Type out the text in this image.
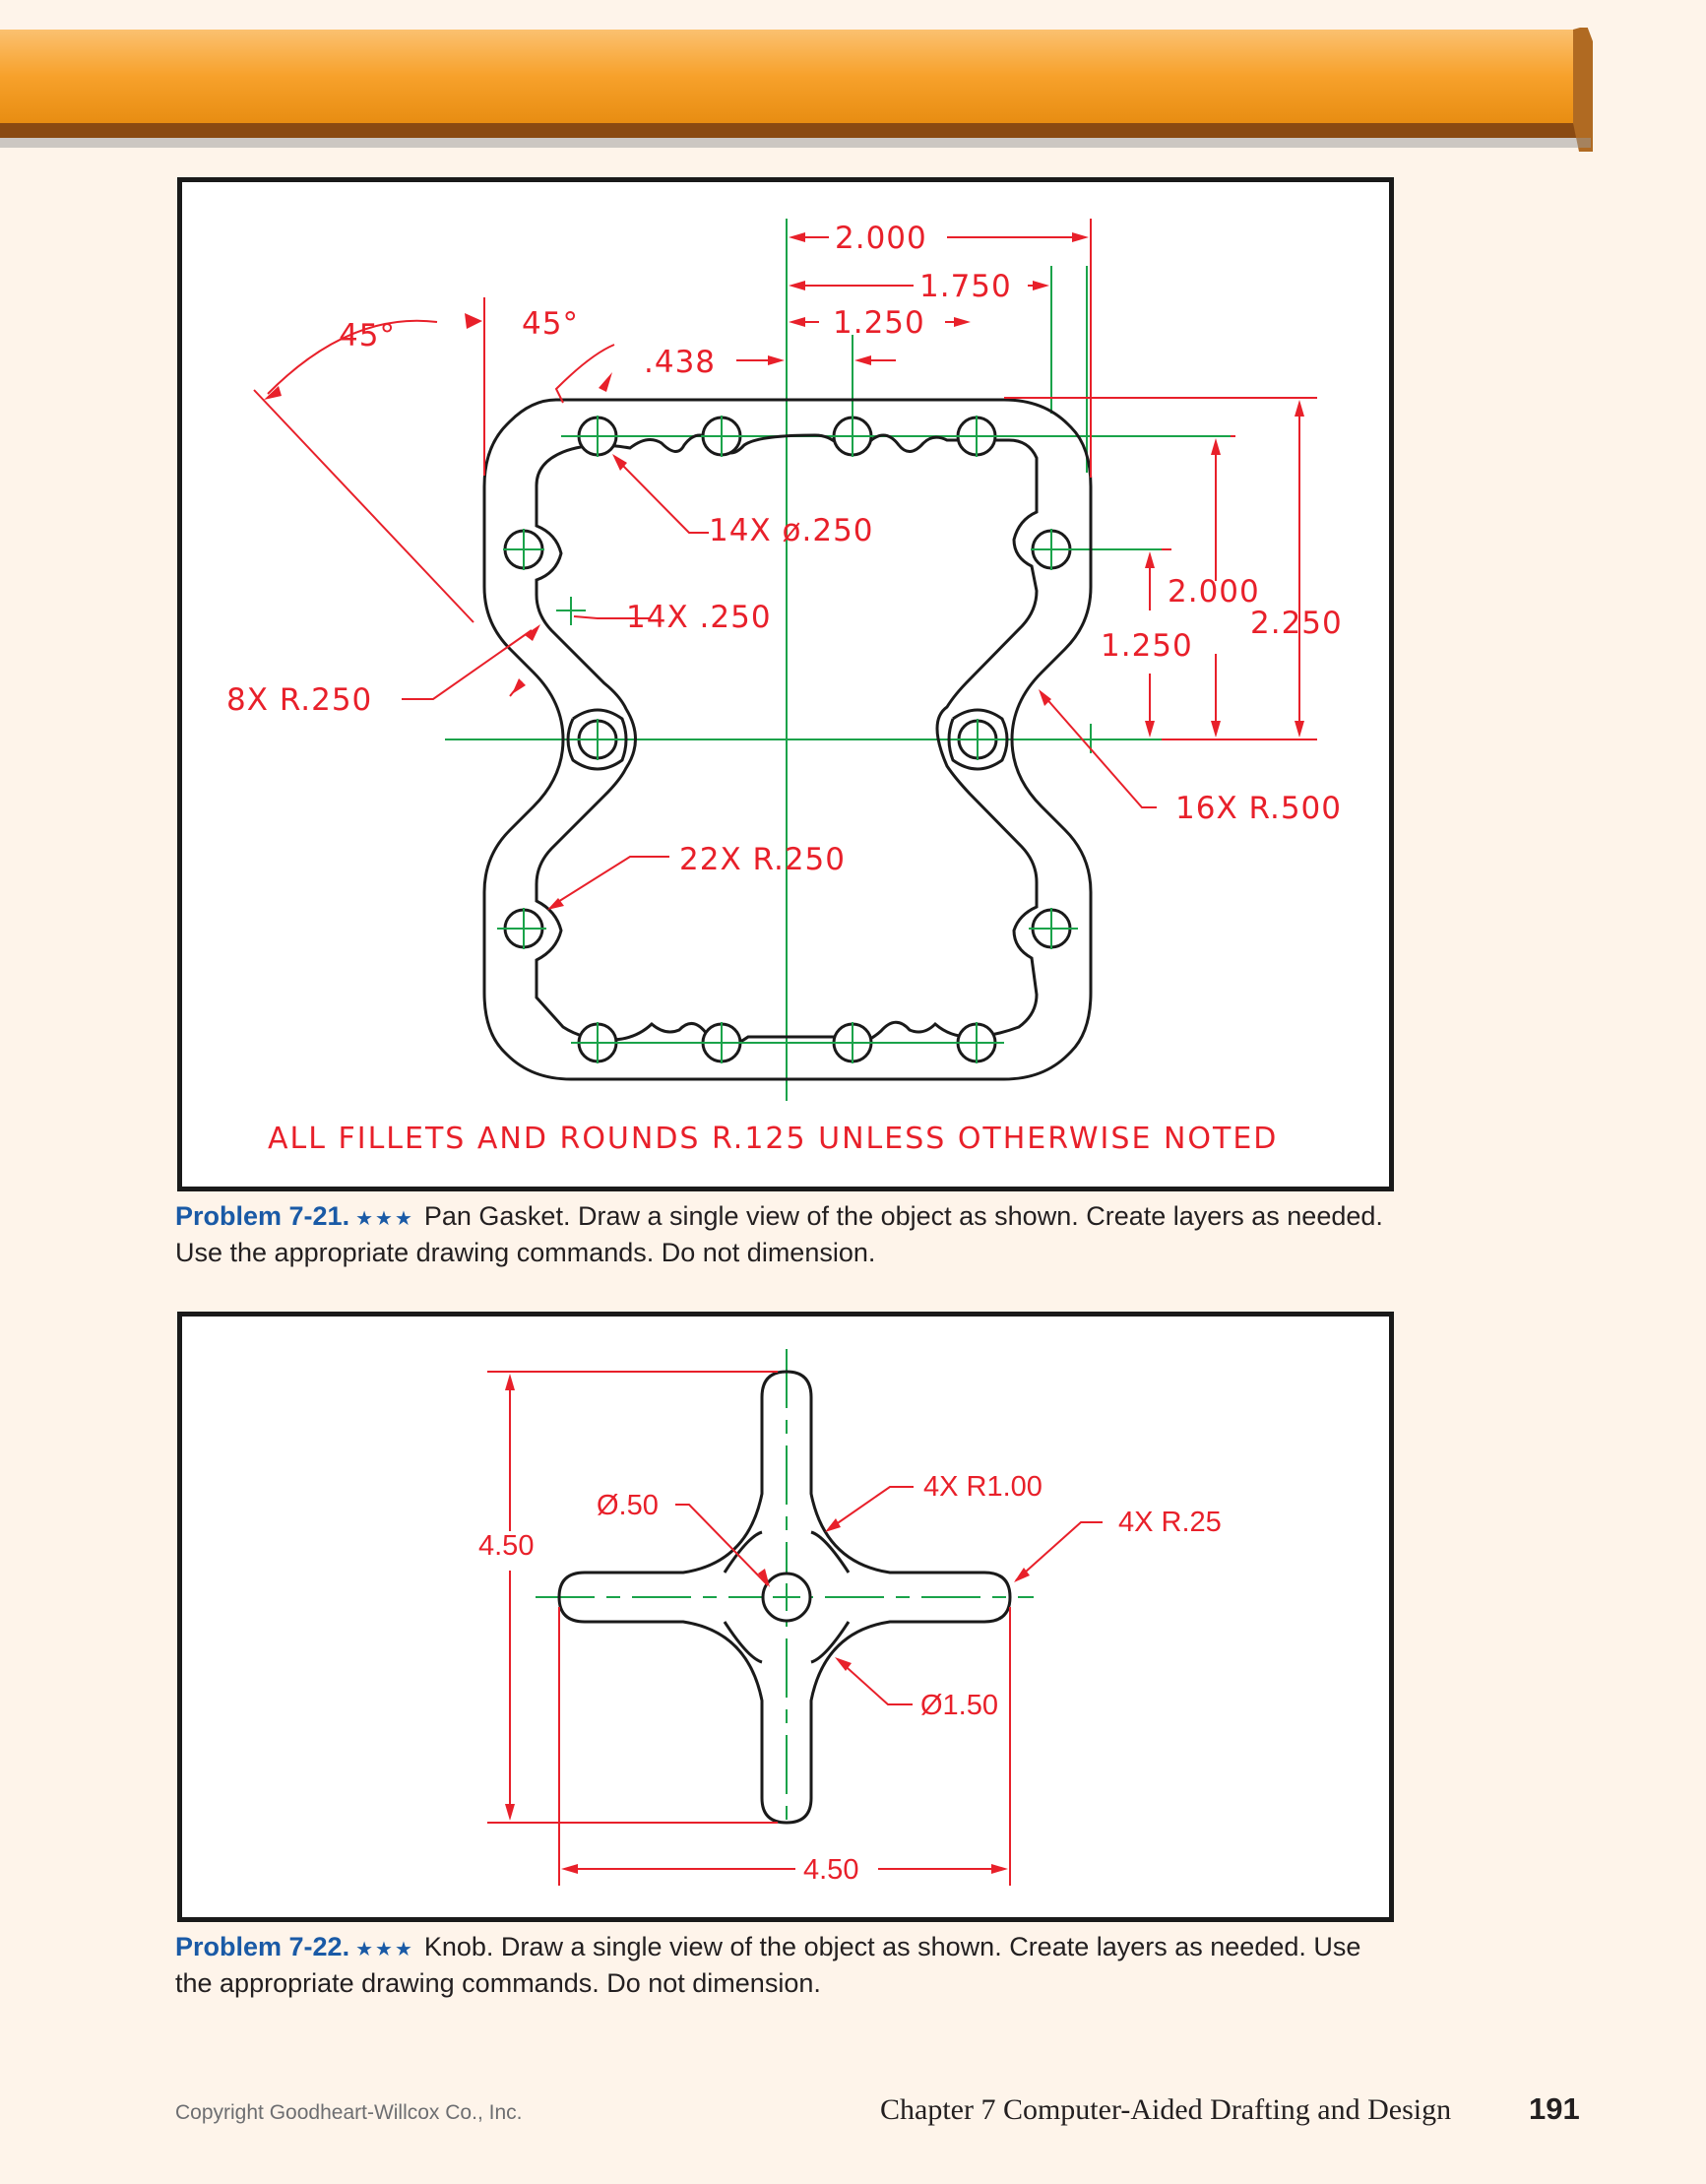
2.000
1.750
1.250
.438
45°	45°
14X ø.250
14X .250
8X R.250
16X R.500
22X R.250
2.000
1.250
2.250
ALL FILLETS AND ROUNDS R.125 UNLESS OTHERWISE NOTED
Problem 7-21. ★★★ Pan Gasket. Draw a single view of the object as shown. Create layers as needed. Use the appropriate drawing commands. Do not dimension.
4.50
4.50
Ø.50
4X R1.00
4X R.25
Ø1.50
Problem 7-22. ★★★ Knob. Draw a single view of the object as shown. Create layers as needed. Use the appropriate drawing commands. Do not dimension.
Copyright Goodheart-Willcox Co., Inc.	Chapter 7 Computer-Aided Drafting and Design	191
